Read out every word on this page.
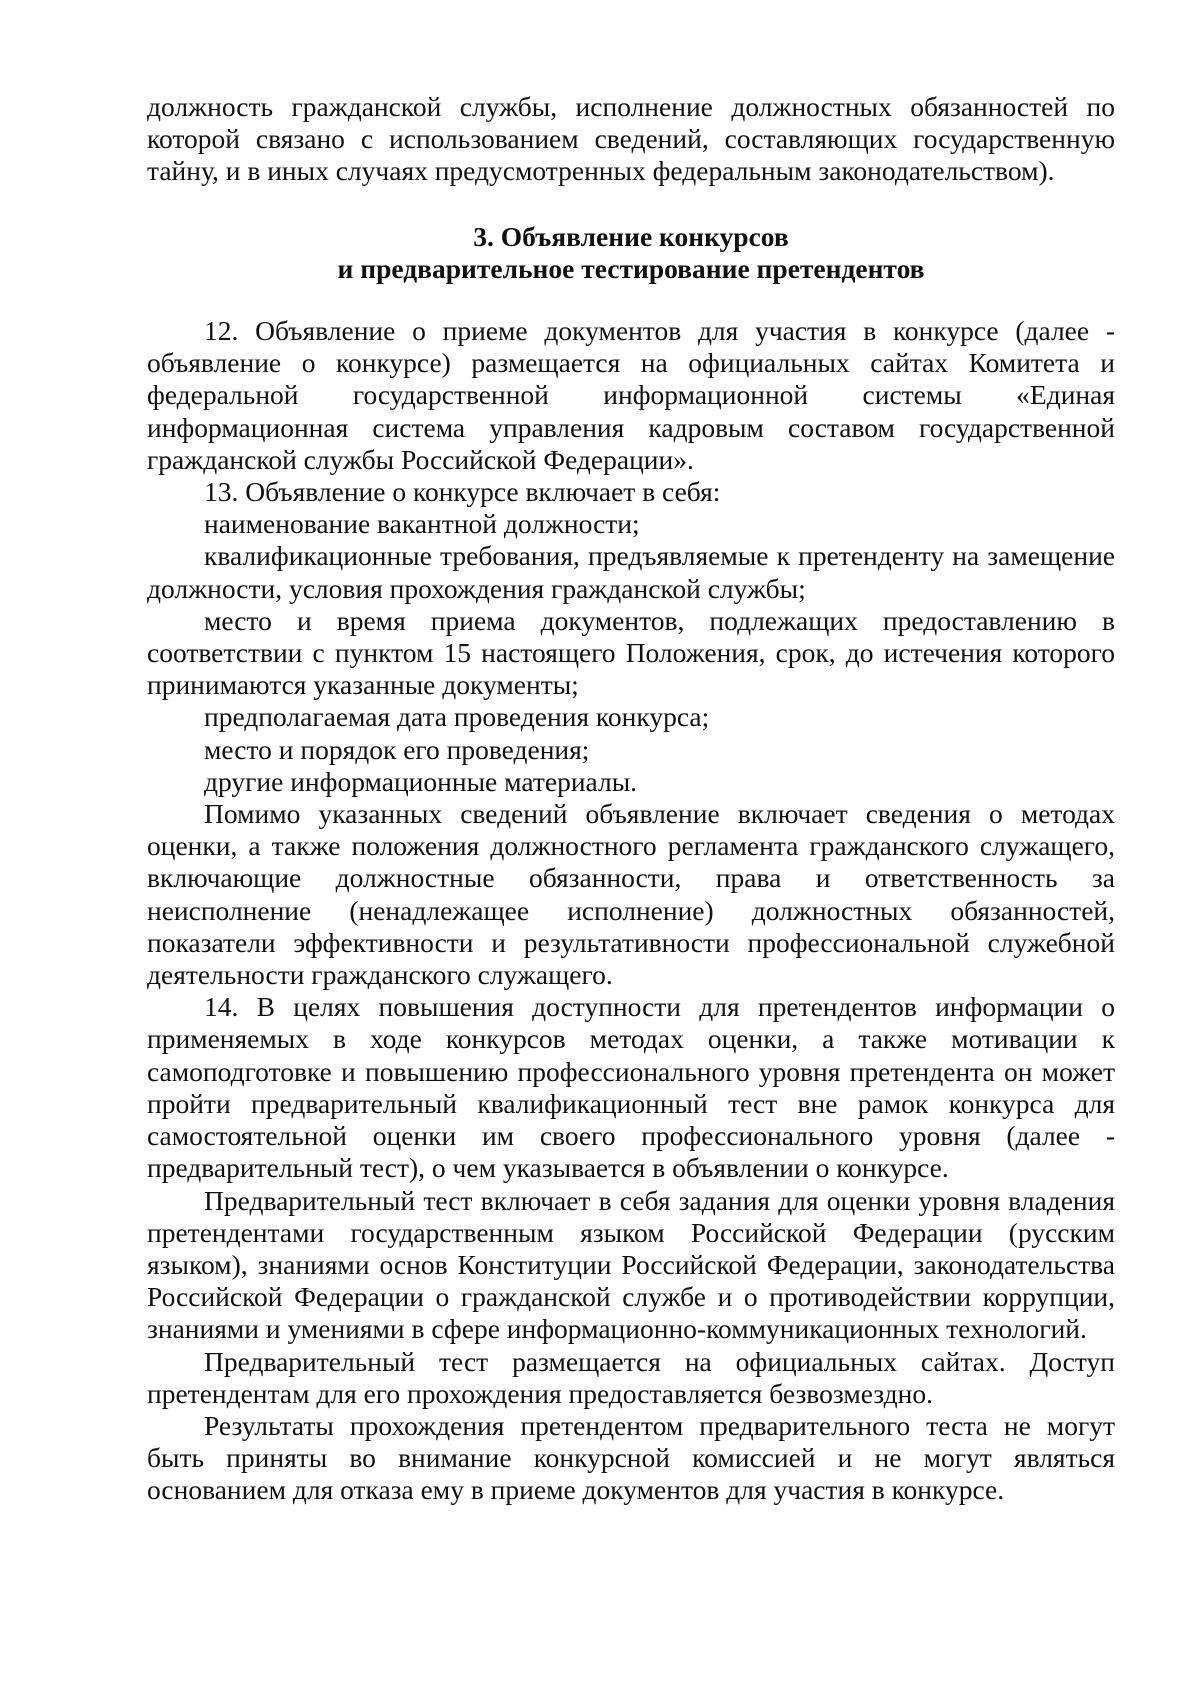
должность гражданской службы, исполнение должностных обязанностей по которой связано с использованием сведений, составляющих государственную тайну, и в иных случаях предусмотренных федеральным законодательством).

3. Объявление конкурсов
и предварительное тестирование претендентов

12. Объявление о приеме документов для участия в конкурсе (далее - объявление о конкурсе) размещается на официальных сайтах Комитета и федеральной государственной информационной системы «Единая информационная система управления кадровым составом государственной гражданской службы Российской Федерации».

13. Объявление о конкурсе включает в себя:

наименование вакантной должности;

квалификационные требования, предъявляемые к претенденту на замещение должности, условия прохождения гражданской службы;

место и время приема документов, подлежащих предоставлению в соответствии с пунктом 15 настоящего Положения, срок, до истечения которого принимаются указанные документы;

предполагаемая дата проведения конкурса;

место и порядок его проведения;

другие информационные материалы.

Помимо указанных сведений объявление включает сведения о методах оценки, а также положения должностного регламента гражданского служащего, включающие должностные обязанности, права и ответственность за неисполнение (ненадлежащее исполнение) должностных обязанностей, показатели эффективности и результативности профессиональной служебной деятельности гражданского служащего.

14. В целях повышения доступности для претендентов информации о применяемых в ходе конкурсов методах оценки, а также мотивации к самоподготовке и повышению профессионального уровня претендента он может пройти предварительный квалификационный тест вне рамок конкурса для самостоятельной оценки им своего профессионального уровня (далее - предварительный тест), о чем указывается в объявлении о конкурсе.

Предварительный тест включает в себя задания для оценки уровня владения претендентами государственным языком Российской Федерации (русским языком), знаниями основ Конституции Российской Федерации, законодательства Российской Федерации о гражданской службе и о противодействии коррупции, знаниями и умениями в сфере информационно-коммуникационных технологий.

Предварительный тест размещается на официальных сайтах. Доступ претендентам для его прохождения предоставляется безвозмездно.

Результаты прохождения претендентом предварительного теста не могут быть приняты во внимание конкурсной комиссией и не могут являться основанием для отказа ему в приеме документов для участия в конкурсе.
